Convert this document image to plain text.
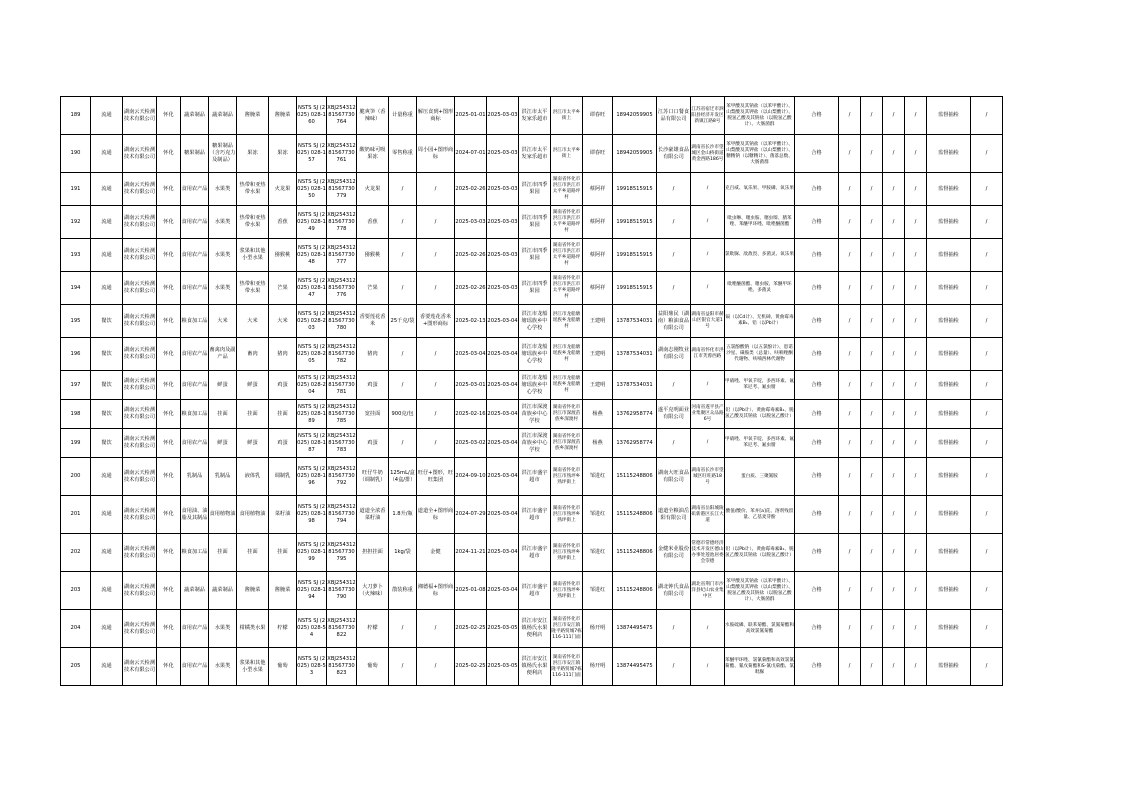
189	流通	湖南云天检测技术有限公司	怀化	蔬菜制品	蔬菜制品	酱腌菜	酱腌菜	NSTS SJ (2025) 028-160	XBJ25431281567730764	脆爽笋（香辣味）	计量称重	解压食到+图形商标	2025-01-01	2025-03-03	洪江市太平发家乐超市	洪江市太平乡街上	谭春旺	18942059905	江苏口口餐食品有限公司	江苏省宿迁市泗阳县经济开发区新镇江路8号	苯甲酸及其钠盐（以苯甲酸计）、山梨酸及其钾盐（以山梨酸计）、脱氢乙酸及其钠盐（以脱氢乙酸计）、大肠菌群	合格	/	/	/	/	监督抽检	/
190	流通	湖南云天检测技术有限公司	怀化	糖果制品	糖果制品（含巧克力及制品）	果冻	果冻	NSTS SJ (2025) 028-157	XBJ25431281567730761	酸奶味可吸果冻	零售称重	周小园+图形商标	2024-07-01	2025-03-03	洪江市太平发家乐超市	洪江市太平乡街上	谭春旺	18942059905	长沙豪雄食品有限公司	湖南省长沙市望城区金山桥街道黄金西路186号	苯甲酸及其钠盐（以苯甲酸计）、山梨酸及其钾盐（以山梨酸计）、糖精钠（以糖精计）、菌落总数、大肠菌群	合格	/	/	/	/	监督抽检	/
191	流通	湖南云天检测技术有限公司	怀化	食用农产品	水果类	热带和亚热带水果	火龙果	NSTS SJ (2025) 028-150	XBJ25431281567730779	火龙果	/	/	2025-02-26	2025-03-03	洪江市四季果园	湖南省怀化市洪江市洪江市太平乡道路坪村	蔡阿祥	19918515915	/	/	克百威、氧乐果、甲胺磷、氧乐果	合格	/	/	/	/	监督抽检	/
192	流通	湖南云天检测技术有限公司	怀化	食用农产品	水果类	热带和亚热带水果	香蕉	NSTS SJ (2025) 028-149	XBJ25431281567730778	香蕉	/	/	2025-03-03	2025-03-03	洪江市四季果园	湖南省怀化市洪江市洪江市太平乡道路坪村	蔡阿祥	19918515915	/	/	吡虫啉、噻虫胺、噻虫嗪、腈苯唑、苯醚甲环唑、吡唑醚菌酯	合格	/	/	/	/	监督抽检	/
193	流通	湖南云天检测技术有限公司	怀化	食用农产品	水果类	浆果和其他小型水果	猕猴桃	NSTS SJ (2025) 028-148	XBJ25431281567730777	猕猴桃	/	/	2025-02-26	2025-03-03	洪江市四季果园	湖南省怀化市洪江市洪江市太平乡道路坪村	蔡阿祥	19918515915	/	/	氯吡脲、敌敌畏、多菌灵、氧乐果	合格	/	/	/	/	监督抽检	/
194	流通	湖南云天检测技术有限公司	怀化	食用农产品	水果类	热带和亚热带水果	芒果	NSTS SJ (2025) 028-147	XBJ25431281567730776	芒果	/	/	2025-02-26	2025-03-03	洪江市四季果园	湖南省怀化市洪江市洪江市太平乡道路坪村	蔡阿祥	19918515915	/	/	吡唑醚菌酯、噻虫胺、苯醚甲环唑、多菌灵	合格	/	/	/	/	监督抽检	/
195	餐饮	湖南云天检测技术有限公司	怀化	粮食加工品	大米	大米	大米	NSTS SJ (2025) 028-203	XBJ25431281567730780	香要莲花香米	25千克/袋	香要莲花香米+图形商标	2025-02-13	2025-03-04	洪江市龙船塘瑶族乡中心学校	洪江市龙船塘瑶族乡龙船塘村	王建明	13787534031	益阳鼎民（湖南）粮油食品有限公司	湖南省益阳市赫山区银官大道1号	镉（以Cd计）、无机砷、黄曲霉毒素B₁、铅（以Pb计）	合格	/	/	/	/	监督抽检	/
196	餐饮	湖南云天检测技术有限公司	怀化	食用农产品	畜禽肉及副产品	畜肉	猪肉	NSTS SJ (2025) 028-205	XBJ25431281567730782	猪肉	/	/	2025-03-04	2025-03-04	洪江市龙船塘瑶族乡中心学校	洪江市龙船塘瑶族乡龙船塘村	王建明	13787534031	湖南志刚牧业有限公司	湖南省怀化市洪江市芙蓉西路	五氯酚酸钠（以五氯酚计）、恩诺沙星、磺胺类（总量）、呋喃唑酮代谢物、呋喃西林代谢物	合格	/	/	/	/	监督抽检	/
197	餐饮	湖南云天检测技术有限公司	怀化	食用农产品	鲜蛋	鲜蛋	鸡蛋	NSTS SJ (2025) 028-204	XBJ25431281567730781	鸡蛋	/	/	2025-03-01	2025-03-04	洪江市龙船塘瑶族乡中心学校	洪江市龙船塘瑶族乡龙船塘村	王建明	13787534031	/	/	甲硝唑、甲氧苄啶、多西环素、氟苯尼考、氟虫腈	合格	/	/	/	/	监督抽检	/
198	餐饮	湖南云天检测技术有限公司	怀化	粮食加工品	挂面	挂面	挂面	NSTS SJ (2025) 028-189	XBJ25431281567730785	宽挂面	900克/包	/	2025-02-16	2025-03-04	洪江市深渡苗族乡中心学校	湖南省怀化市洪江市深渡苗族乡深渡村	杨燕	13762958774	遂平克明面业有限公司	河南省遂平县产业集聚区众品路6号	铅（以Pb计）、黄曲霉毒素B₁、脱氢乙酸及其钠盐（以脱氢乙酸计）	合格	/	/	/	/	监督抽检	/
199	餐饮	湖南云天检测技术有限公司	怀化	食用农产品	鲜蛋	鲜蛋	鸡蛋	NSTS SJ (2025) 028-187	XBJ25431281567730783	鸡蛋	/	/	2025-03-02	2025-03-04	洪江市深渡苗族乡中心学校	湖南省怀化市洪江市深渡苗族乡深渡村	杨燕	13762958774	/	/	甲硝唑、甲氧苄啶、多西环素、氟苯尼考、氟虫腈	合格	/	/	/	/	监督抽检	/
200	流通	湖南云天检测技术有限公司	怀化	乳制品	乳制品	液体乳	调制乳	NSTS SJ (2025) 028-196	XBJ25431281567730792	旺仔牛奶（调制乳）	125mL/盒（4盒/排）	旺仔+图形，旺旺集团	2024-09-10	2025-03-04	洪江市盛宇超市	湖南省怀化市洪江市熟坪乡熟坪街上	邹进红	15115248806	湖南大旺食品有限公司	湖南省长沙市望城区旺旺路18号	蛋白质、三聚氰胺	合格	/	/	/	/	监督抽检	/
201	流通	湖南云天检测技术有限公司	怀化	食用油、油脂及其制品	食用植物油	食用植物油	菜籽油	NSTS SJ (2025) 028-198	XBJ25431281567730794	道道全浓香菜籽油	1.8升/瓶	道道全+图形商标	2024-07-29	2025-03-04	洪江市盛宇超市	湖南省怀化市洪江市熟坪乡熟坪街上	邹进红	15115248806	道道全粮油岳阳有限公司	湖南省岳阳城陵矶新港区长江大道	酸值/酸价、苯并[a]芘、溶剂残留量、乙基麦芽酚	合格	/	/	/	/	监督抽检	/
202	流通	湖南云天检测技术有限公司	怀化	粮食加工品	挂面	挂面	挂面	NSTS SJ (2025) 028-199	XBJ25431281567730795	担担挂面	1kg/袋	金健	2024-11-21	2025-03-04	洪江市盛宇超市	湖南省怀化市洪江市熟坪乡熟坪街上	邹进红	15115248806	金健米业股份有限公司	常德市常德经济技术开发区德山办事处莲池居委会崇德	铅（以Pb计）、黄曲霉毒素B₁、脱氢乙酸及其钠盐（以脱氢乙酸计）	合格	/	/	/	/	监督抽检	/
203	流通	湖南云天检测技术有限公司	怀化	蔬菜制品	蔬菜制品	酱腌菜	酱腌菜	NSTS SJ (2025) 028-194	XBJ25431281567730790	大刀萝卜（火辣味）	散装称重	湘德福+图形商标	2025-01-08	2025-03-04	洪江市盛宇超市	湖南省怀化市洪江市熟坪乡熟坪街上	邹进红	15115248806	湖北钟氏食品有限公司	湖北省荆门市沙洋县纪山农业集中区	苯甲酸及其钠盐（以苯甲酸计）、山梨酸及其钾盐（以山梨酸计）、脱氢乙酸及其钠盐（以脱氢乙酸计）、大肠菌群	合格	/	/	/	/	监督抽检	/
204	流通	湖南云天检测技术有限公司	怀化	食用农产品	水果类	柑橘类水果	柠檬	NSTS SJ (2025) 028-54	XBJ25431281567730822	柠檬	/	/	2025-02-25	2025-03-05	洪江市安江镇杨氏水果便利店	湖南省怀化市洪江市安江镇隆平路贸城7栋116-111门面	杨开明	13874495475	/	/	水胺硫磷、联苯菊酯、氯氰菊酯和高效氯氰菊酯	合格	/	/	/	/	监督抽检	/
205	流通	湖南云天检测技术有限公司	怀化	食用农产品	水果类	浆果和其他小型水果	葡萄	NSTS SJ (2025) 028-53	XBJ25431281567730823	葡萄	/	/	2025-02-25	2025-03-05	洪江市安江镇杨氏水果便利店	湖南省怀化市洪江市安江镇隆平路贸城7栋116-111门面	杨开明	13874495475	/	/	苯醚甲环唑、氯氰菊酯和高效氯氰菊酯、氰戊菊酯和S-氰戊菊酯、氯吡脲	合格	/	/	/	/	监督抽检	/
